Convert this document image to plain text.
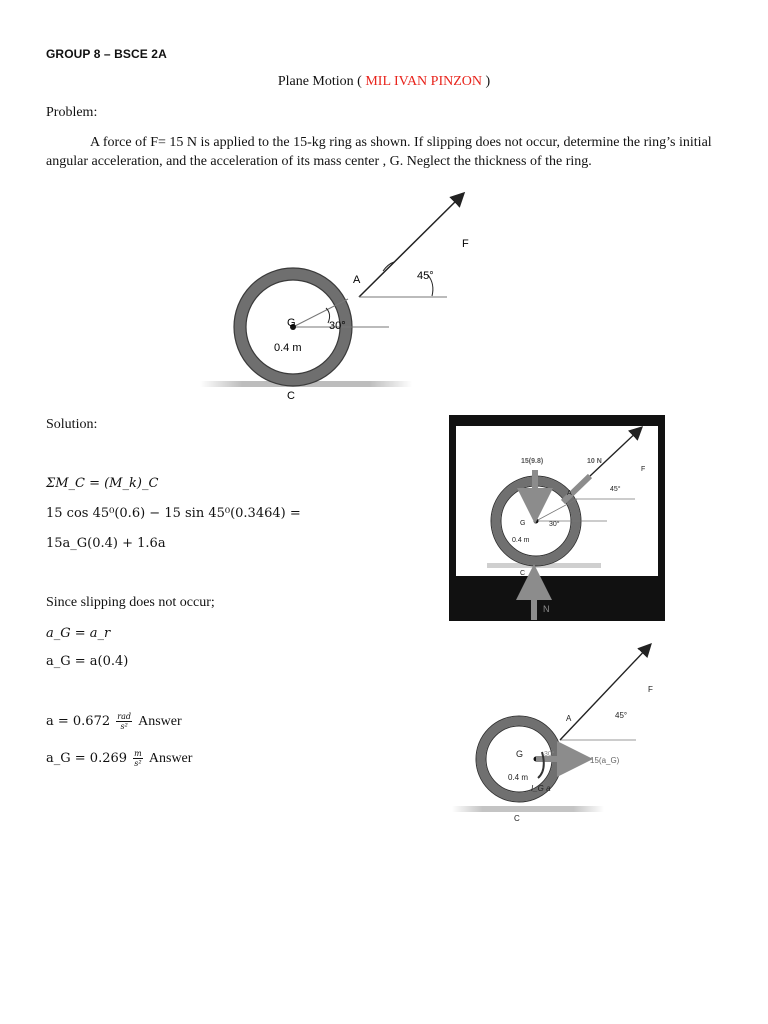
GROUP 8 – BSCE 2A
Plane Motion ( MIL IVAN PINZON )
Problem:
A force of F= 15 N is applied to the 15-kg ring as shown. If slipping does not occur, determine the ring’s initial angular acceleration, and the acceleration of its mass center , G. Neglect the thickness of the ring.
F
45°
A
G	30°
0.4 m
C
Solution:
ΣM_C = (M_k)_C
15 cos 45⁰(0.6) − 15 sin 45⁰(0.3464) =
15a_G(0.4) + 1.6a
Since slipping does not occur;
a_G = a_r
a_G = a(0.4)
$a = 0.672 \frac{\text{rad}}{\text{s²}}$ Answer
a_G = $0.269 \frac{m}{\text{s²}}$ Answer
15(9.8)	10 N
F
45°
A
G	30°
0.4 m
C
N
F
45°
A
G	30°
0.4 m
I_G a
15(a_G)
C
